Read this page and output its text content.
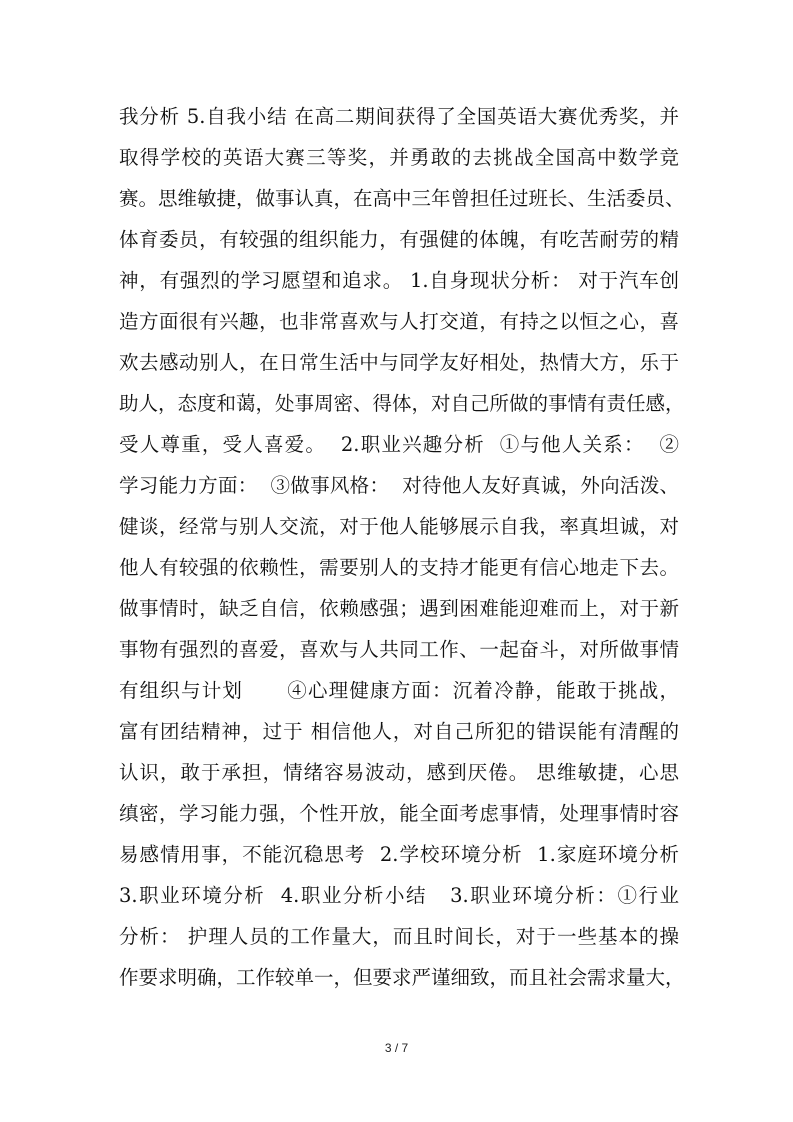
我分析 5.自我小结 在高二期间获得了全国英语大赛优秀奖，并
取得学校的英语大赛三等奖，并勇敢的去挑战全国高中数学竞
赛。思维敏捷，做事认真，在高中三年曾担任过班长、生活委员、
体育委员，有较强的组织能力，有强健的体魄，有吃苦耐劳的精
神，有强烈的学习愿望和追求。 1.自身现状分析： 对于汽车创
造方面很有兴趣，也非常喜欢与人打交道，有持之以恒之心，喜
欢去感动别人，在日常生活中与同学友好相处，热情大方，乐于
助人，态度和蔼，处事周密、得体，对自己所做的事情有责任感，
受人尊重，受人喜爱。  2.职业兴趣分析  ①与他人关系：  ②
学习能力方面：  ③做事风格：  对待他人友好真诚，外向活泼、
健谈，经常与别人交流，对于他人能够展示自我，率真坦诚，对
他人有较强的依赖性，需要别人的支持才能更有信心地走下去。
做事情时，缺乏自信，依赖感强；遇到困难能迎难而上，对于新
事物有强烈的喜爱，喜欢与人共同工作、一起奋斗，对所做事情
有组织与计划      ④心理健康方面：沉着冷静，能敢于挑战，
富有团结精神，过于 相信他人，对自己所犯的错误能有清醒的
认识，敢于承担，情绪容易波动，感到厌倦。 思维敏捷，心思
缜密，学习能力强，个性开放，能全面考虑事情，处理事情时容
易感情用事，不能沉稳思考  2.学校环境分析  1.家庭环境分析
3.职业环境分析  4.职业分析小结   3.职业环境分析：①行业
分析： 护理人员的工作量大，而且时间长，对于一些基本的操
作要求明确，工作较单一，但要求严谨细致，而且社会需求量大，
3 / 7
